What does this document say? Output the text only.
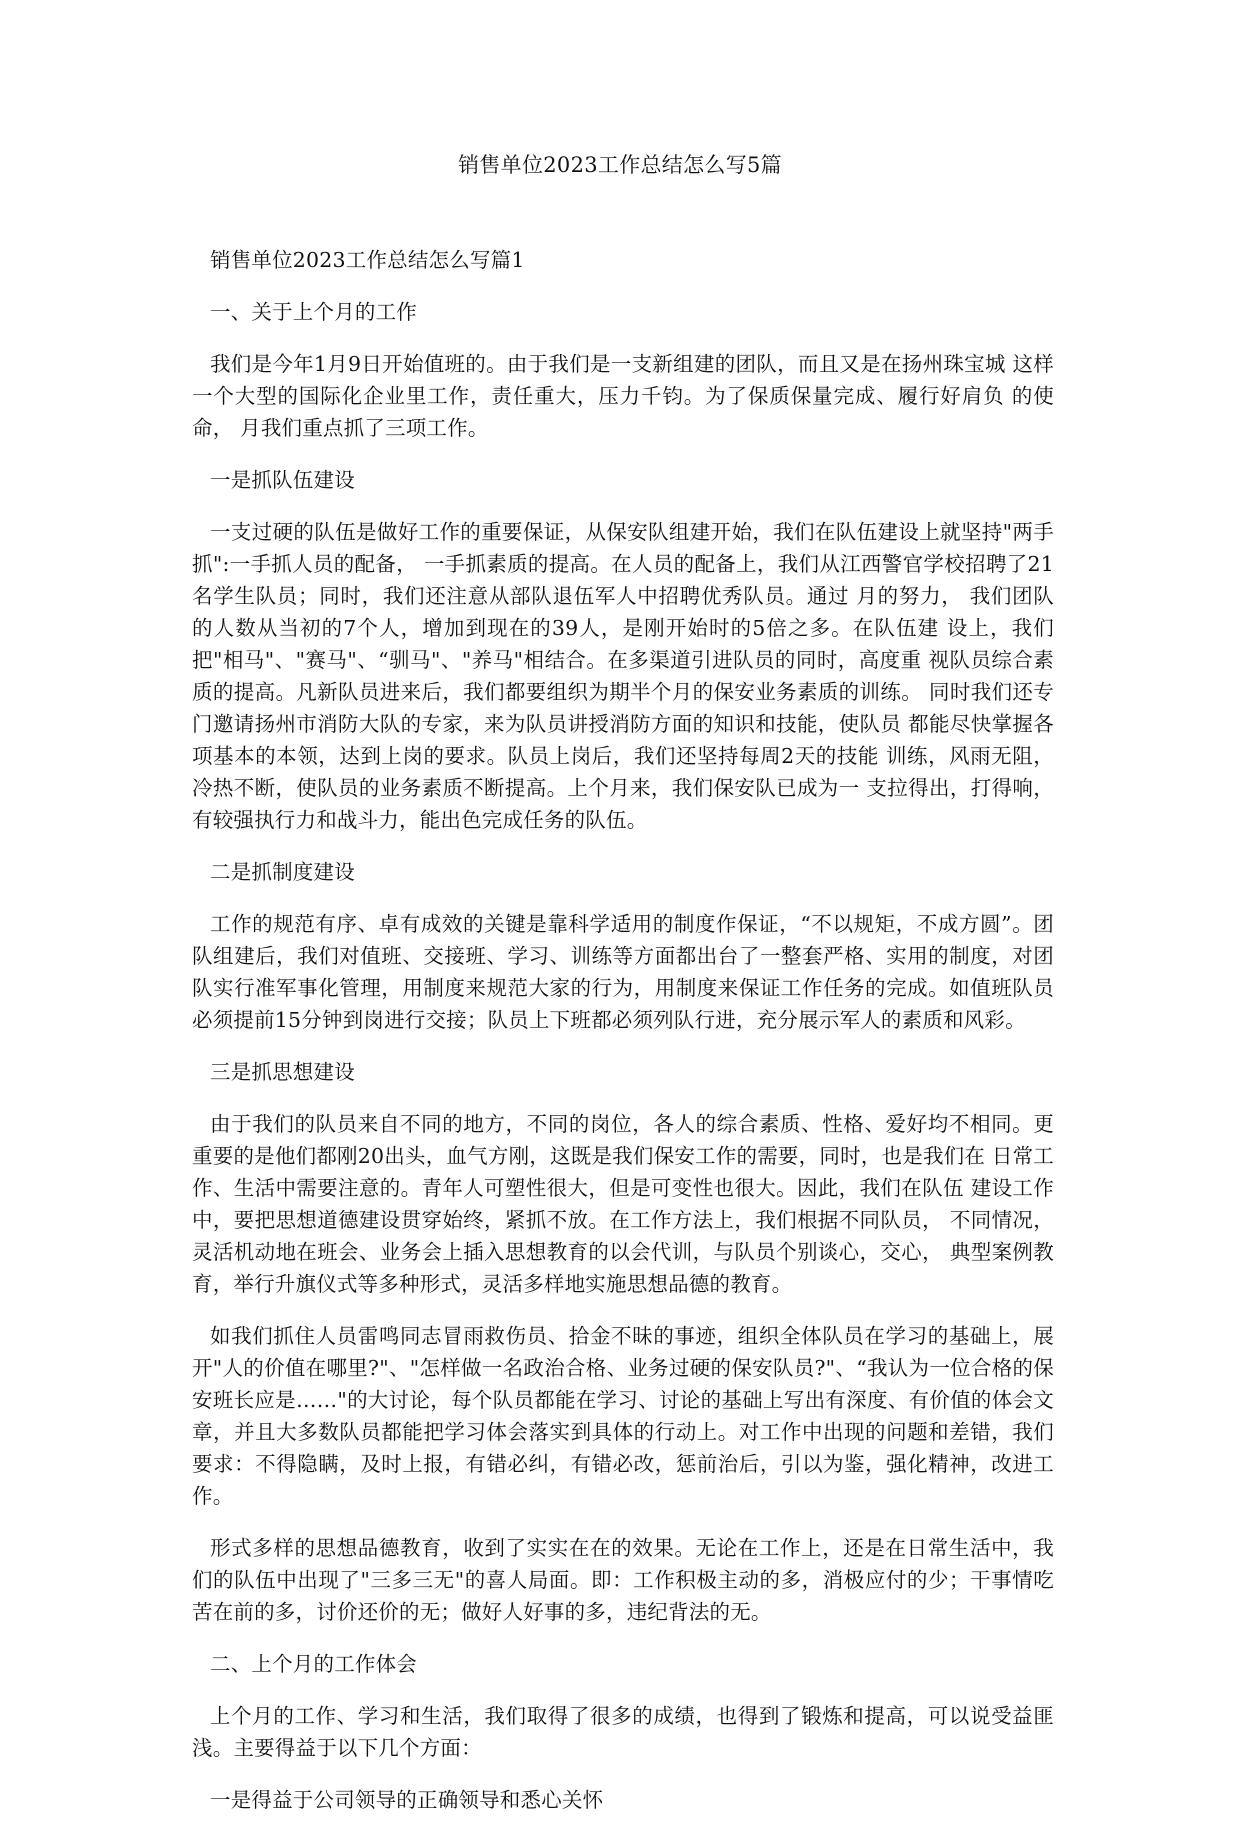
销售单位2023工作总结怎么写5篇

销售单位2023工作总结怎么写篇1

一、关于上个月的工作

我们是今年1月9日开始值班的。由于我们是一支新组建的团队，而且又是在扬州珠宝城 这样一个大型的国际化企业里工作，责任重大，压力千钧。为了保质保量完成、履行好肩负 的使命， 月我们重点抓了三项工作。

一是抓队伍建设

一支过硬的队伍是做好工作的重要保证，从保安队组建开始，我们在队伍建设上就坚持"两手抓":一手抓人员的配备， 一手抓素质的提高。在人员的配备上，我们从江西警官学校招聘了21名学生队员；同时，我们还注意从部队退伍军人中招聘优秀队员。通过 月的努力， 我们团队的人数从当初的7个人，增加到现在的39人，是刚开始时的5倍之多。在队伍建 设上，我们把"相马"、"赛马"、“驯马"、"养马"相结合。在多渠道引进队员的同时，高度重 视队员综合素质的提高。凡新队员进来后，我们都要组织为期半个月的保安业务素质的训练。 同时我们还专门邀请扬州市消防大队的专家，来为队员讲授消防方面的知识和技能，使队员 都能尽快掌握各项基本的本领，达到上岗的要求。队员上岗后，我们还坚持每周2天的技能 训练，风雨无阻，冷热不断，使队员的业务素质不断提高。上个月来，我们保安队已成为一 支拉得出，打得响，有较强执行力和战斗力，能出色完成任务的队伍。

二是抓制度建设

工作的规范有序、卓有成效的关键是靠科学适用的制度作保证，“不以规矩，不成方圆”。团队组建后，我们对值班、交接班、学习、训练等方面都出台了一整套严格、实用的制度，对团队实行准军事化管理，用制度来规范大家的行为，用制度来保证工作任务的完成。如值班队员必须提前15分钟到岗进行交接；队员上下班都必须列队行进，充分展示军人的素质和风彩。

三是抓思想建设

由于我们的队员来自不同的地方，不同的岗位，各人的综合素质、性格、爱好均不相同。更重要的是他们都刚20出头，血气方刚，这既是我们保安工作的需要，同时，也是我们在 日常工作、生活中需要注意的。青年人可塑性很大，但是可变性也很大。因此，我们在队伍 建设工作中，要把思想道德建设贯穿始终，紧抓不放。在工作方法上，我们根据不同队员， 不同情况，灵活机动地在班会、业务会上插入思想教育的以会代训，与队员个别谈心，交心， 典型案例教育，举行升旗仪式等多种形式，灵活多样地实施思想品德的教育。

如我们抓住人员雷鸣同志冒雨救伤员、拾金不昧的事迹，组织全体队员在学习的基础上，展开"人的价值在哪里?"、"怎样做一名政治合格、业务过硬的保安队员?"、“我认为一位合格的保安班长应是……"的大讨论，每个队员都能在学习、讨论的基础上写出有深度、有价值的体会文章，并且大多数队员都能把学习体会落实到具体的行动上。对工作中出现的问题和差错，我们要求：不得隐瞒，及时上报，有错必纠，有错必改，惩前治后，引以为鉴，强化精神，改进工作。

形式多样的思想品德教育，收到了实实在在的效果。无论在工作上，还是在日常生活中，我们的队伍中出现了"三多三无"的喜人局面。即：工作积极主动的多，消极应付的少；干事情吃苦在前的多，讨价还价的无；做好人好事的多，违纪背法的无。

二、上个月的工作体会

上个月的工作、学习和生活，我们取得了很多的成绩，也得到了锻炼和提高，可以说受益匪浅。主要得益于以下几个方面：

一是得益于公司领导的正确领导和悉心关怀
